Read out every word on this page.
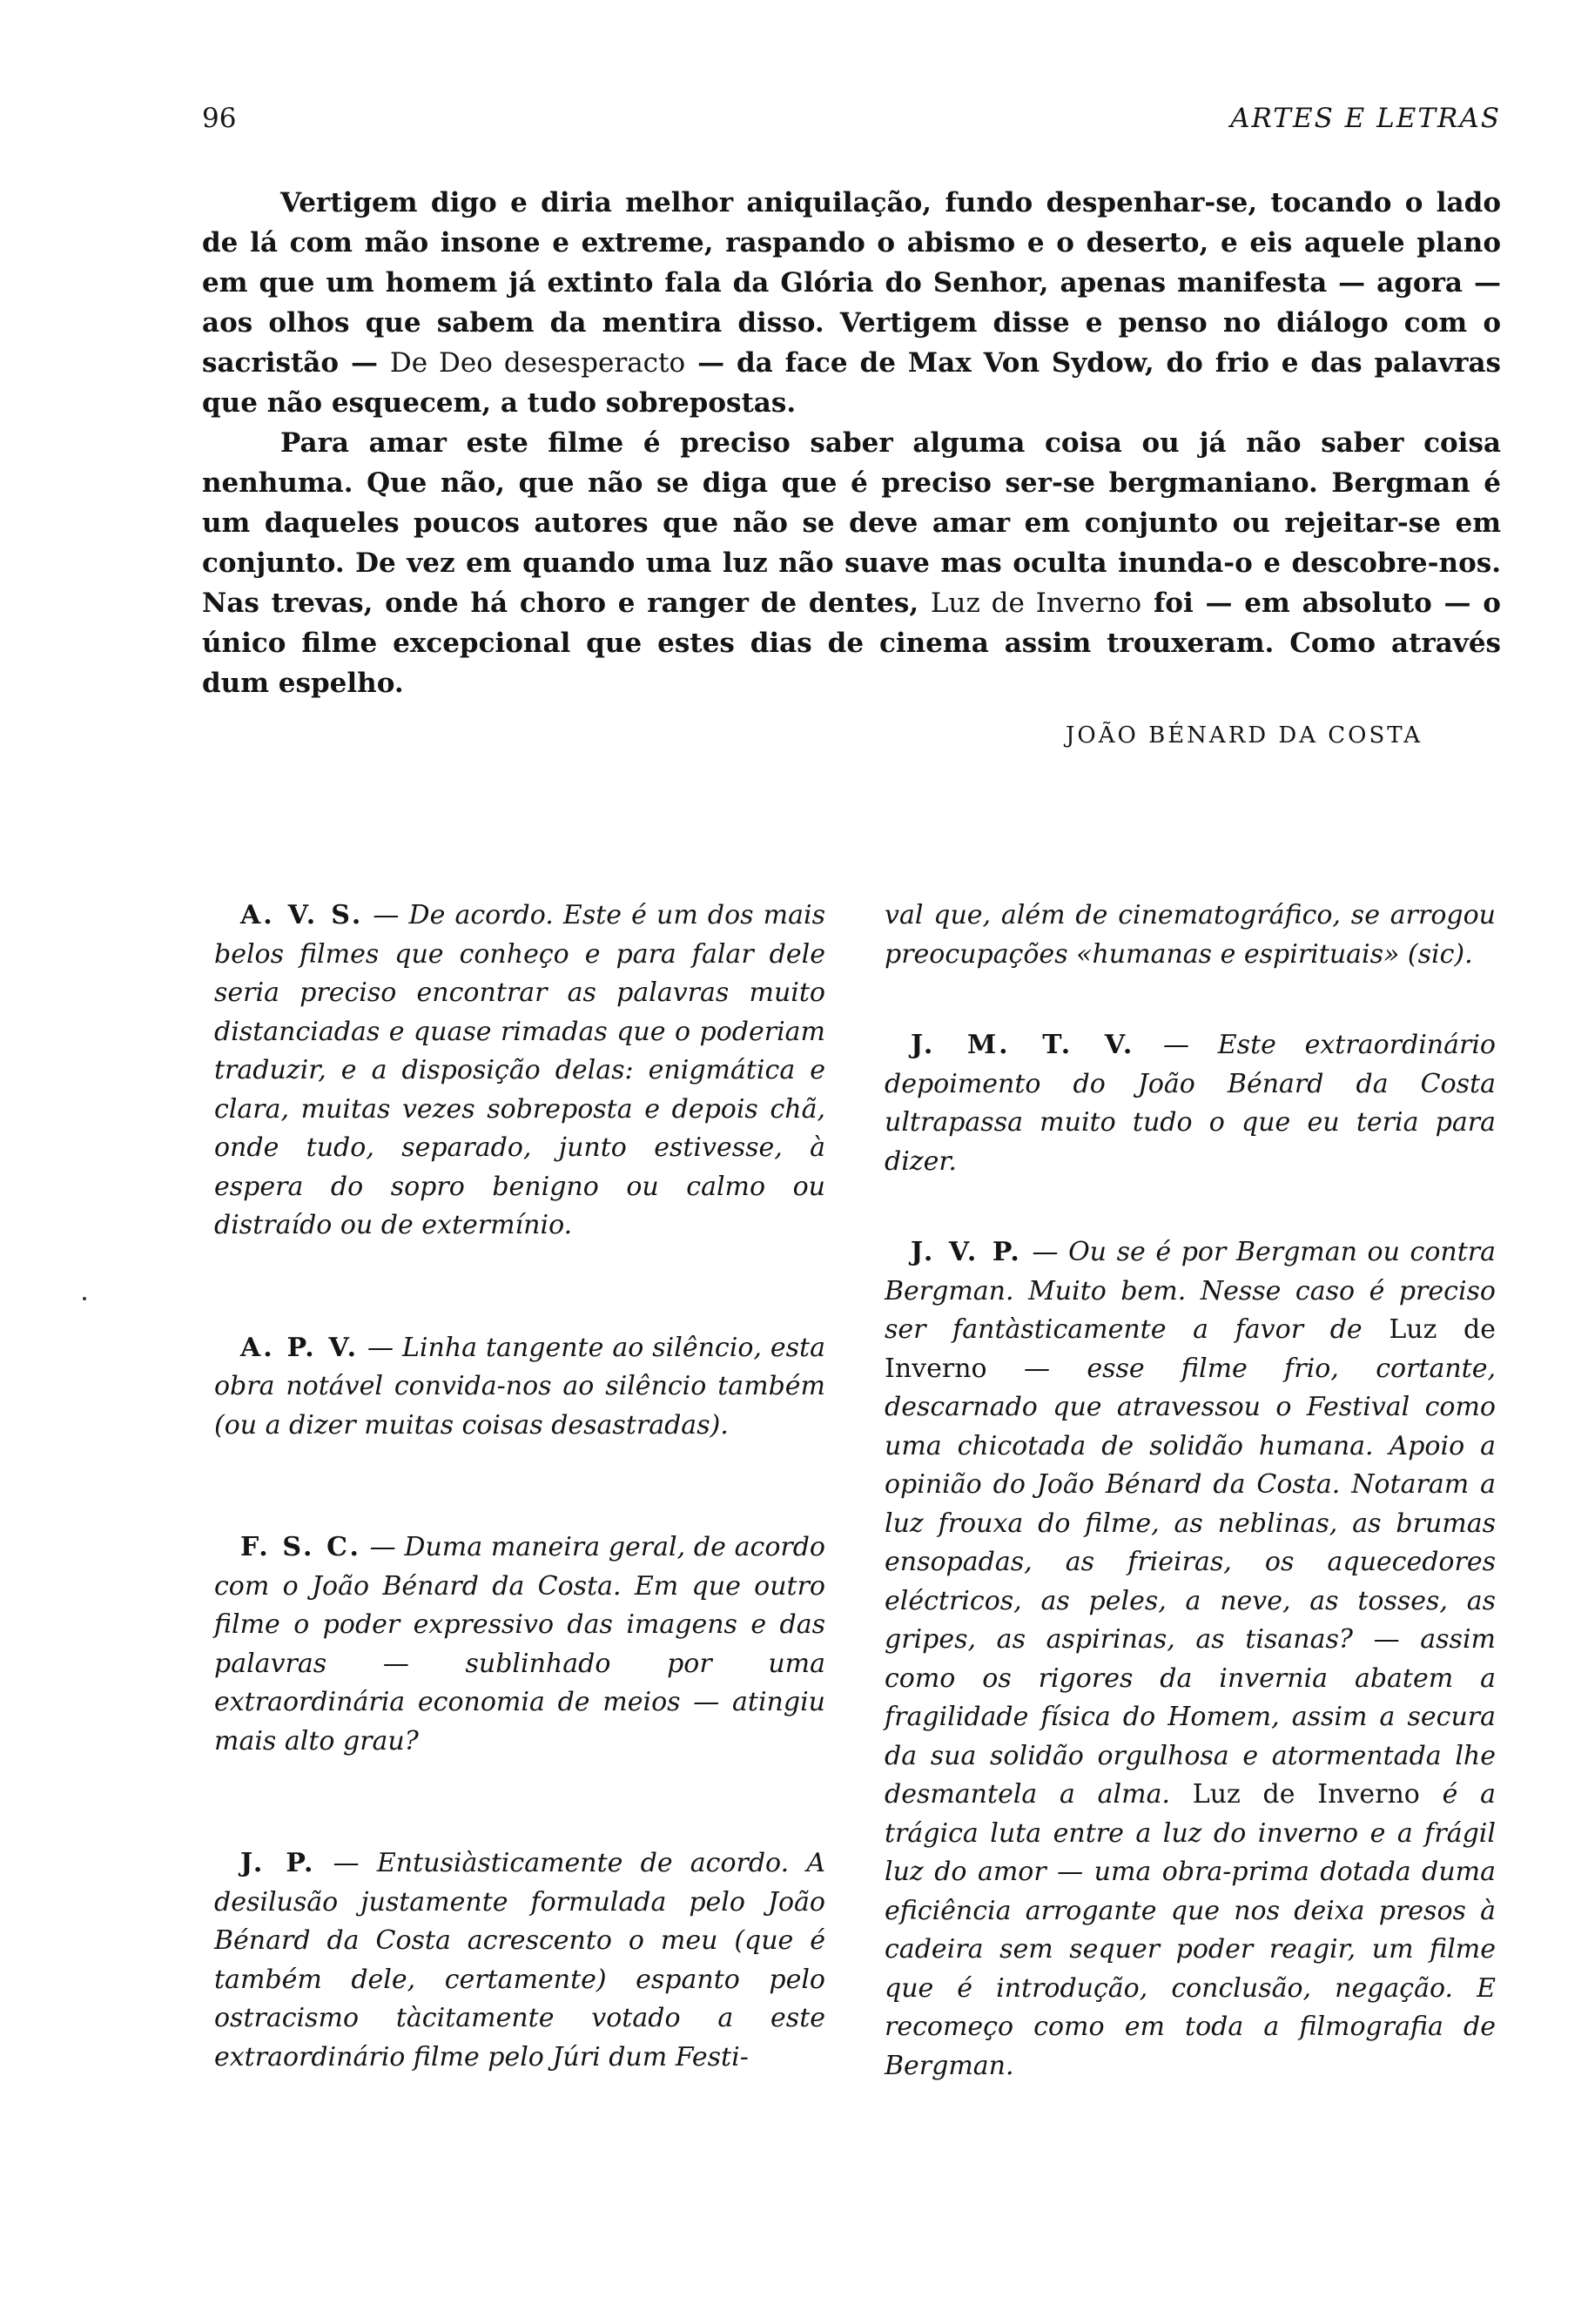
96	ARTES E LETRAS

Vertigem digo e diria melhor aniquilação, fundo despenhar-se, tocando o lado de lá com mão insone e extreme, raspando o abismo e o deserto, e eis aquele plano em que um homem já extinto fala da Glória do Senhor, apenas manifesta — agora — aos olhos que sabem da mentira disso. Vertigem disse e penso no diálogo com o sacristão — De Deo desesperacto — da face de Max Von Sydow, do frio e das palavras que não esquecem, a tudo sobrepostas.

Para amar este filme é preciso saber alguma coisa ou já não saber coisa nenhuma. Que não, que não se diga que é preciso ser-se bergmaniano. Bergman é um daqueles poucos autores que não se deve amar em conjunto ou rejeitar-se em conjunto. De vez em quando uma luz não suave mas oculta inunda-o e descobre-nos. Nas trevas, onde há choro e ranger de dentes, Luz de Inverno foi — em absoluto — o único filme excepcional que estes dias de cinema assim trouxeram. Como através dum espelho.

JOÃO BÉNARD DA COSTA

A. V. S. — De acordo. Este é um dos mais belos filmes que conheço e para falar dele seria preciso encontrar as palavras muito distanciadas e quase rimadas que o poderiam traduzir, e a disposição delas: enigmática e clara, muitas vezes sobreposta e depois chã, onde tudo, separado, junto estivesse, à espera do sopro benigno ou calmo ou distraído ou de extermínio.

A. P. V. — Linha tangente ao silêncio, esta obra notável convida-nos ao silêncio também (ou a dizer muitas coisas desastradas).

F. S. C. — Duma maneira geral, de acordo com o João Bénard da Costa. Em que outro filme o poder expressivo das imagens e das palavras — sublinhado por uma extraordinária economia de meios — atingiu mais alto grau?

J. P. — Entusiàsticamente de acordo. A desilusão justamente formulada pelo João Bénard da Costa acrescento o meu (que é também dele, certamente) espanto pelo ostracismo tàcitamente votado a este extraordinário filme pelo Júri dum Festi-

val que, além de cinematográfico, se arrogou preocupações «humanas e espirituais» (sic).

J. M. T. V. — Este extraordinário depoimento do João Bénard da Costa ultrapassa muito tudo o que eu teria para dizer.

J. V. P. — Ou se é por Bergman ou contra Bergman. Muito bem. Nesse caso é preciso ser fantàsticamente a favor de Luz de Inverno — esse filme frio, cortante, descarnado que atravessou o Festival como uma chicotada de solidão humana. Apoio a opinião do João Bénard da Costa. Notaram a luz frouxa do filme, as neblinas, as brumas ensopadas, as frieiras, os aquecedores eléctricos, as peles, a neve, as tosses, as gripes, as aspirinas, as tisanas? — assim como os rigores da invernia abatem a fragilidade física do Homem, assim a secura da sua solidão orgulhosa e atormentada lhe desmantela a alma. Luz de Inverno é a trágica luta entre a luz do inverno e a frágil luz do amor — uma obra-prima dotada duma eficiência arrogante que nos deixa presos à cadeira sem sequer poder reagir, um filme que é introdução, conclusão, negação. E recomeço como em toda a filmografia de Bergman.
